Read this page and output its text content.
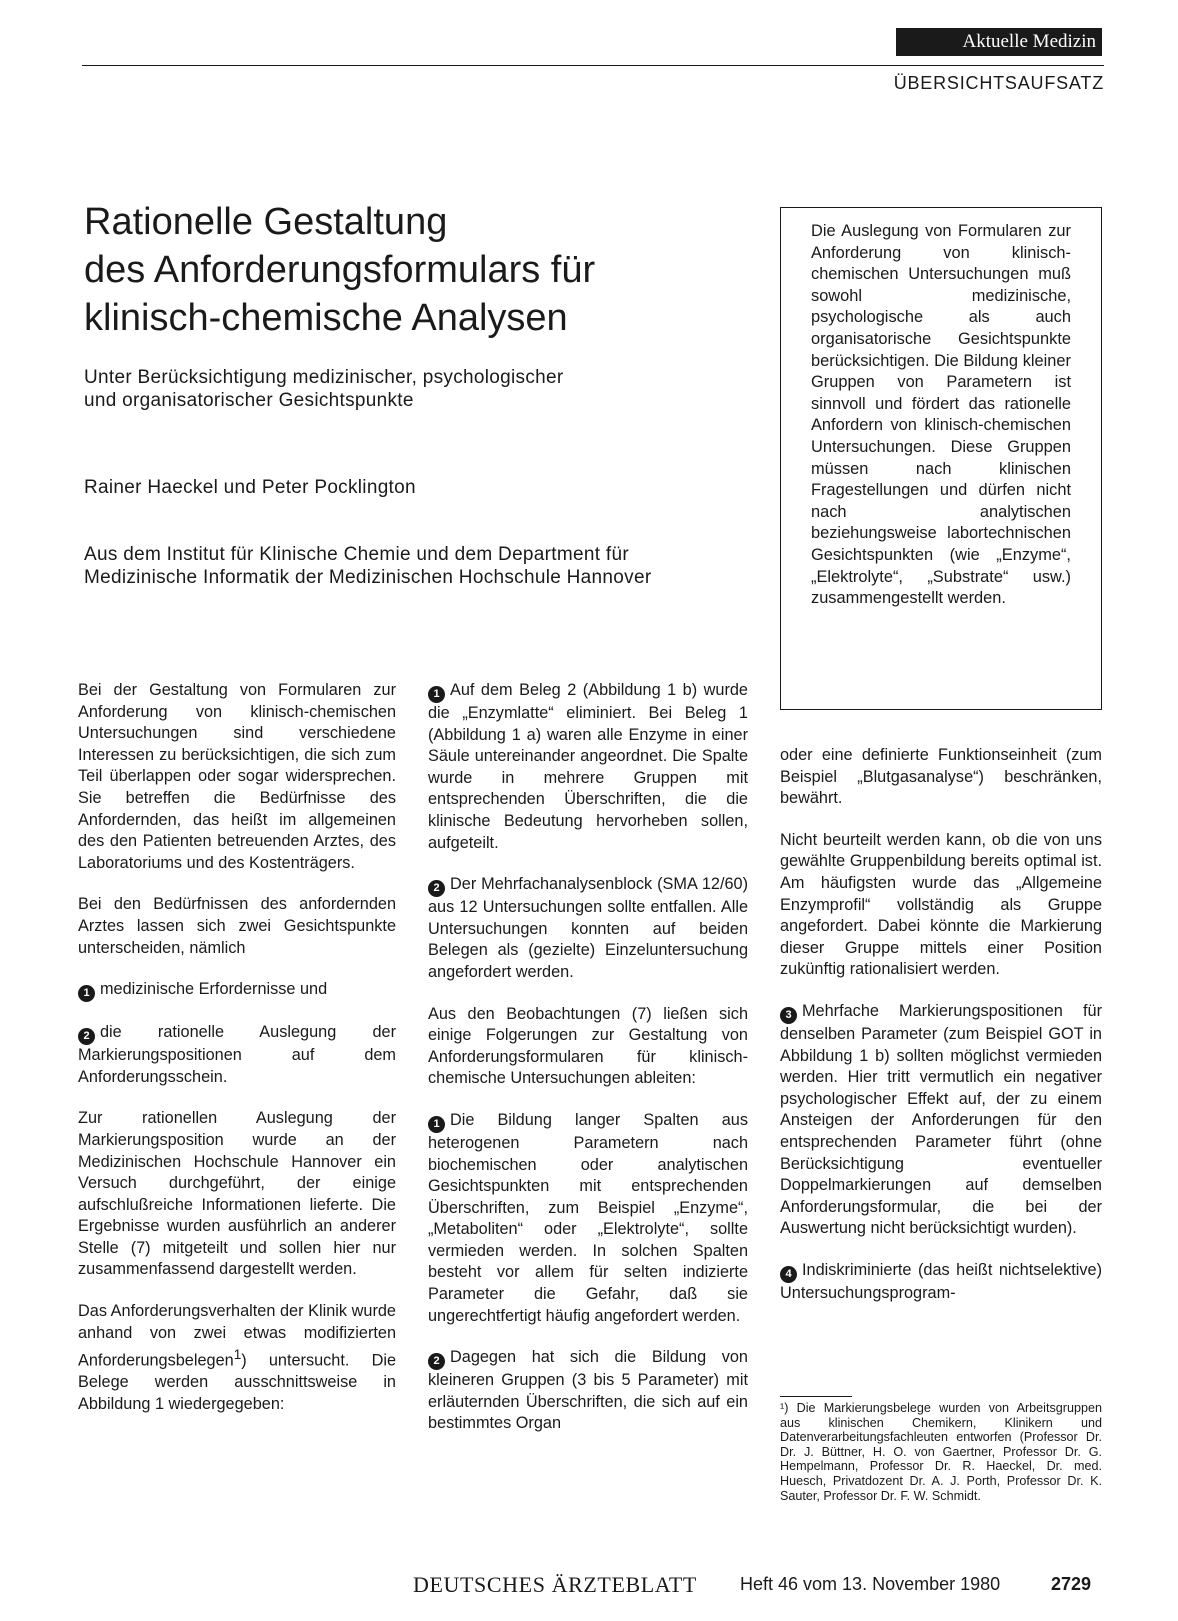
Aktuelle Medizin
ÜBERSICHTSAUFSATZ
Rationelle Gestaltung
des Anforderungsformulars für
klinisch-chemische Analysen
Unter Berücksichtigung medizinischer, psychologischer
und organisatorischer Gesichtspunkte
Rainer Haeckel und Peter Pocklington
Aus dem Institut für Klinische Chemie und dem Department für
Medizinische Informatik der Medizinischen Hochschule Hannover

Die Auslegung von Formularen zur Anforderung von klinisch-chemischen Untersuchungen muß sowohl medizinische, psychologische als auch organisatorische Gesichtspunkte berücksichtigen. Die Bildung kleiner Gruppen von Parametern ist sinnvoll und fördert das rationelle Anfordern von klinisch-chemischen Untersuchungen. Diese Gruppen müssen nach klinischen Fragestellungen und dürfen nicht nach analytischen beziehungsweise labortechnischen Gesichtspunkten (wie „Enzyme“, „Elektrolyte“, „Substrate“ usw.) zusammengestellt werden.

Bei der Gestaltung von Formularen zur Anforderung von klinisch-chemischen Untersuchungen sind verschiedene Interessen zu berücksichtigen, die sich zum Teil überlappen oder sogar widersprechen. Sie betreffen die Bedürfnisse des Anfordernden, das heißt im allgemeinen des den Patienten betreuenden Arztes, des Laboratoriums und des Kostenträgers.

Bei den Bedürfnissen des anfordernden Arztes lassen sich zwei Gesichtspunkte unterscheiden, nämlich

1 medizinische Erfordernisse und

2 die rationelle Auslegung der Markierungspositionen auf dem Anforderungsschein.

Zur rationellen Auslegung der Markierungsposition wurde an der Medizinischen Hochschule Hannover ein Versuch durchgeführt, der einige aufschlußreiche Informationen lieferte. Die Ergebnisse wurden ausführlich an anderer Stelle (7) mitgeteilt und sollen hier nur zusammenfassend dargestellt werden.

Das Anforderungsverhalten der Klinik wurde anhand von zwei etwas modifizierten Anforderungsbelegen$^1$) untersucht. Die Belege werden ausschnittsweise in Abbildung 1 wiedergegeben:

1 Auf dem Beleg 2 (Abbildung 1 b) wurde die „Enzymlatte“ eliminiert. Bei Beleg 1 (Abbildung 1 a) waren alle Enzyme in einer Säule untereinander angeordnet. Die Spalte wurde in mehrere Gruppen mit entsprechenden Überschriften, die die klinische Bedeutung hervorheben sollen, aufgeteilt.

2 Der Mehrfachanalysenblock (SMA 12/60) aus 12 Untersuchungen sollte entfallen. Alle Untersuchungen konnten auf beiden Belegen als (gezielte) Einzeluntersuchung angefordert werden.

Aus den Beobachtungen (7) ließen sich einige Folgerungen zur Gestaltung von Anforderungsformularen für klinisch-chemische Untersuchungen ableiten:

1 Die Bildung langer Spalten aus heterogenen Parametern nach biochemischen oder analytischen Gesichtspunkten mit entsprechenden Überschriften, zum Beispiel „Enzyme“, „Metaboliten“ oder „Elektrolyte“, sollte vermieden werden. In solchen Spalten besteht vor allem für selten indizierte Parameter die Gefahr, daß sie ungerechtfertigt häufig angefordert werden.

2 Dagegen hat sich die Bildung von kleineren Gruppen (3 bis 5 Parameter) mit erläuternden Überschriften, die sich auf ein bestimmtes Organ

oder eine definierte Funktionseinheit (zum Beispiel „Blutgasanalyse“) beschränken, bewährt.

Nicht beurteilt werden kann, ob die von uns gewählte Gruppenbildung bereits optimal ist. Am häufigsten wurde das „Allgemeine Enzymprofil“ vollständig als Gruppe angefordert. Dabei könnte die Markierung dieser Gruppe mittels einer Position zukünftig rationalisiert werden.

3 Mehrfache Markierungspositionen für denselben Parameter (zum Beispiel GOT in Abbildung 1 b) sollten möglichst vermieden werden. Hier tritt vermutlich ein negativer psychologischer Effekt auf, der zu einem Ansteigen der Anforderungen für den entsprechenden Parameter führt (ohne Berücksichtigung eventueller Doppelmarkierungen auf demselben Anforderungsformular, die bei der Auswertung nicht berücksichtigt wurden).

4 Indiskriminierte (das heißt nichtselektive) Untersuchungsprogram-

¹) Die Markierungsbelege wurden von Arbeitsgruppen aus klinischen Chemikern, Klinikern und Datenverarbeitungsfachleuten entworfen (Professor Dr. Dr. J. Büttner, H. O. von Gaertner, Professor Dr. G. Hempelmann, Professor Dr. R. Haeckel, Dr. med. Huesch, Privatdozent Dr. A. J. Porth, Professor Dr. K. Sauter, Professor Dr. F. W. Schmidt.
DEUTSCHES ÄRZTEBLATT Heft 46 vom 13. November 1980	2729
